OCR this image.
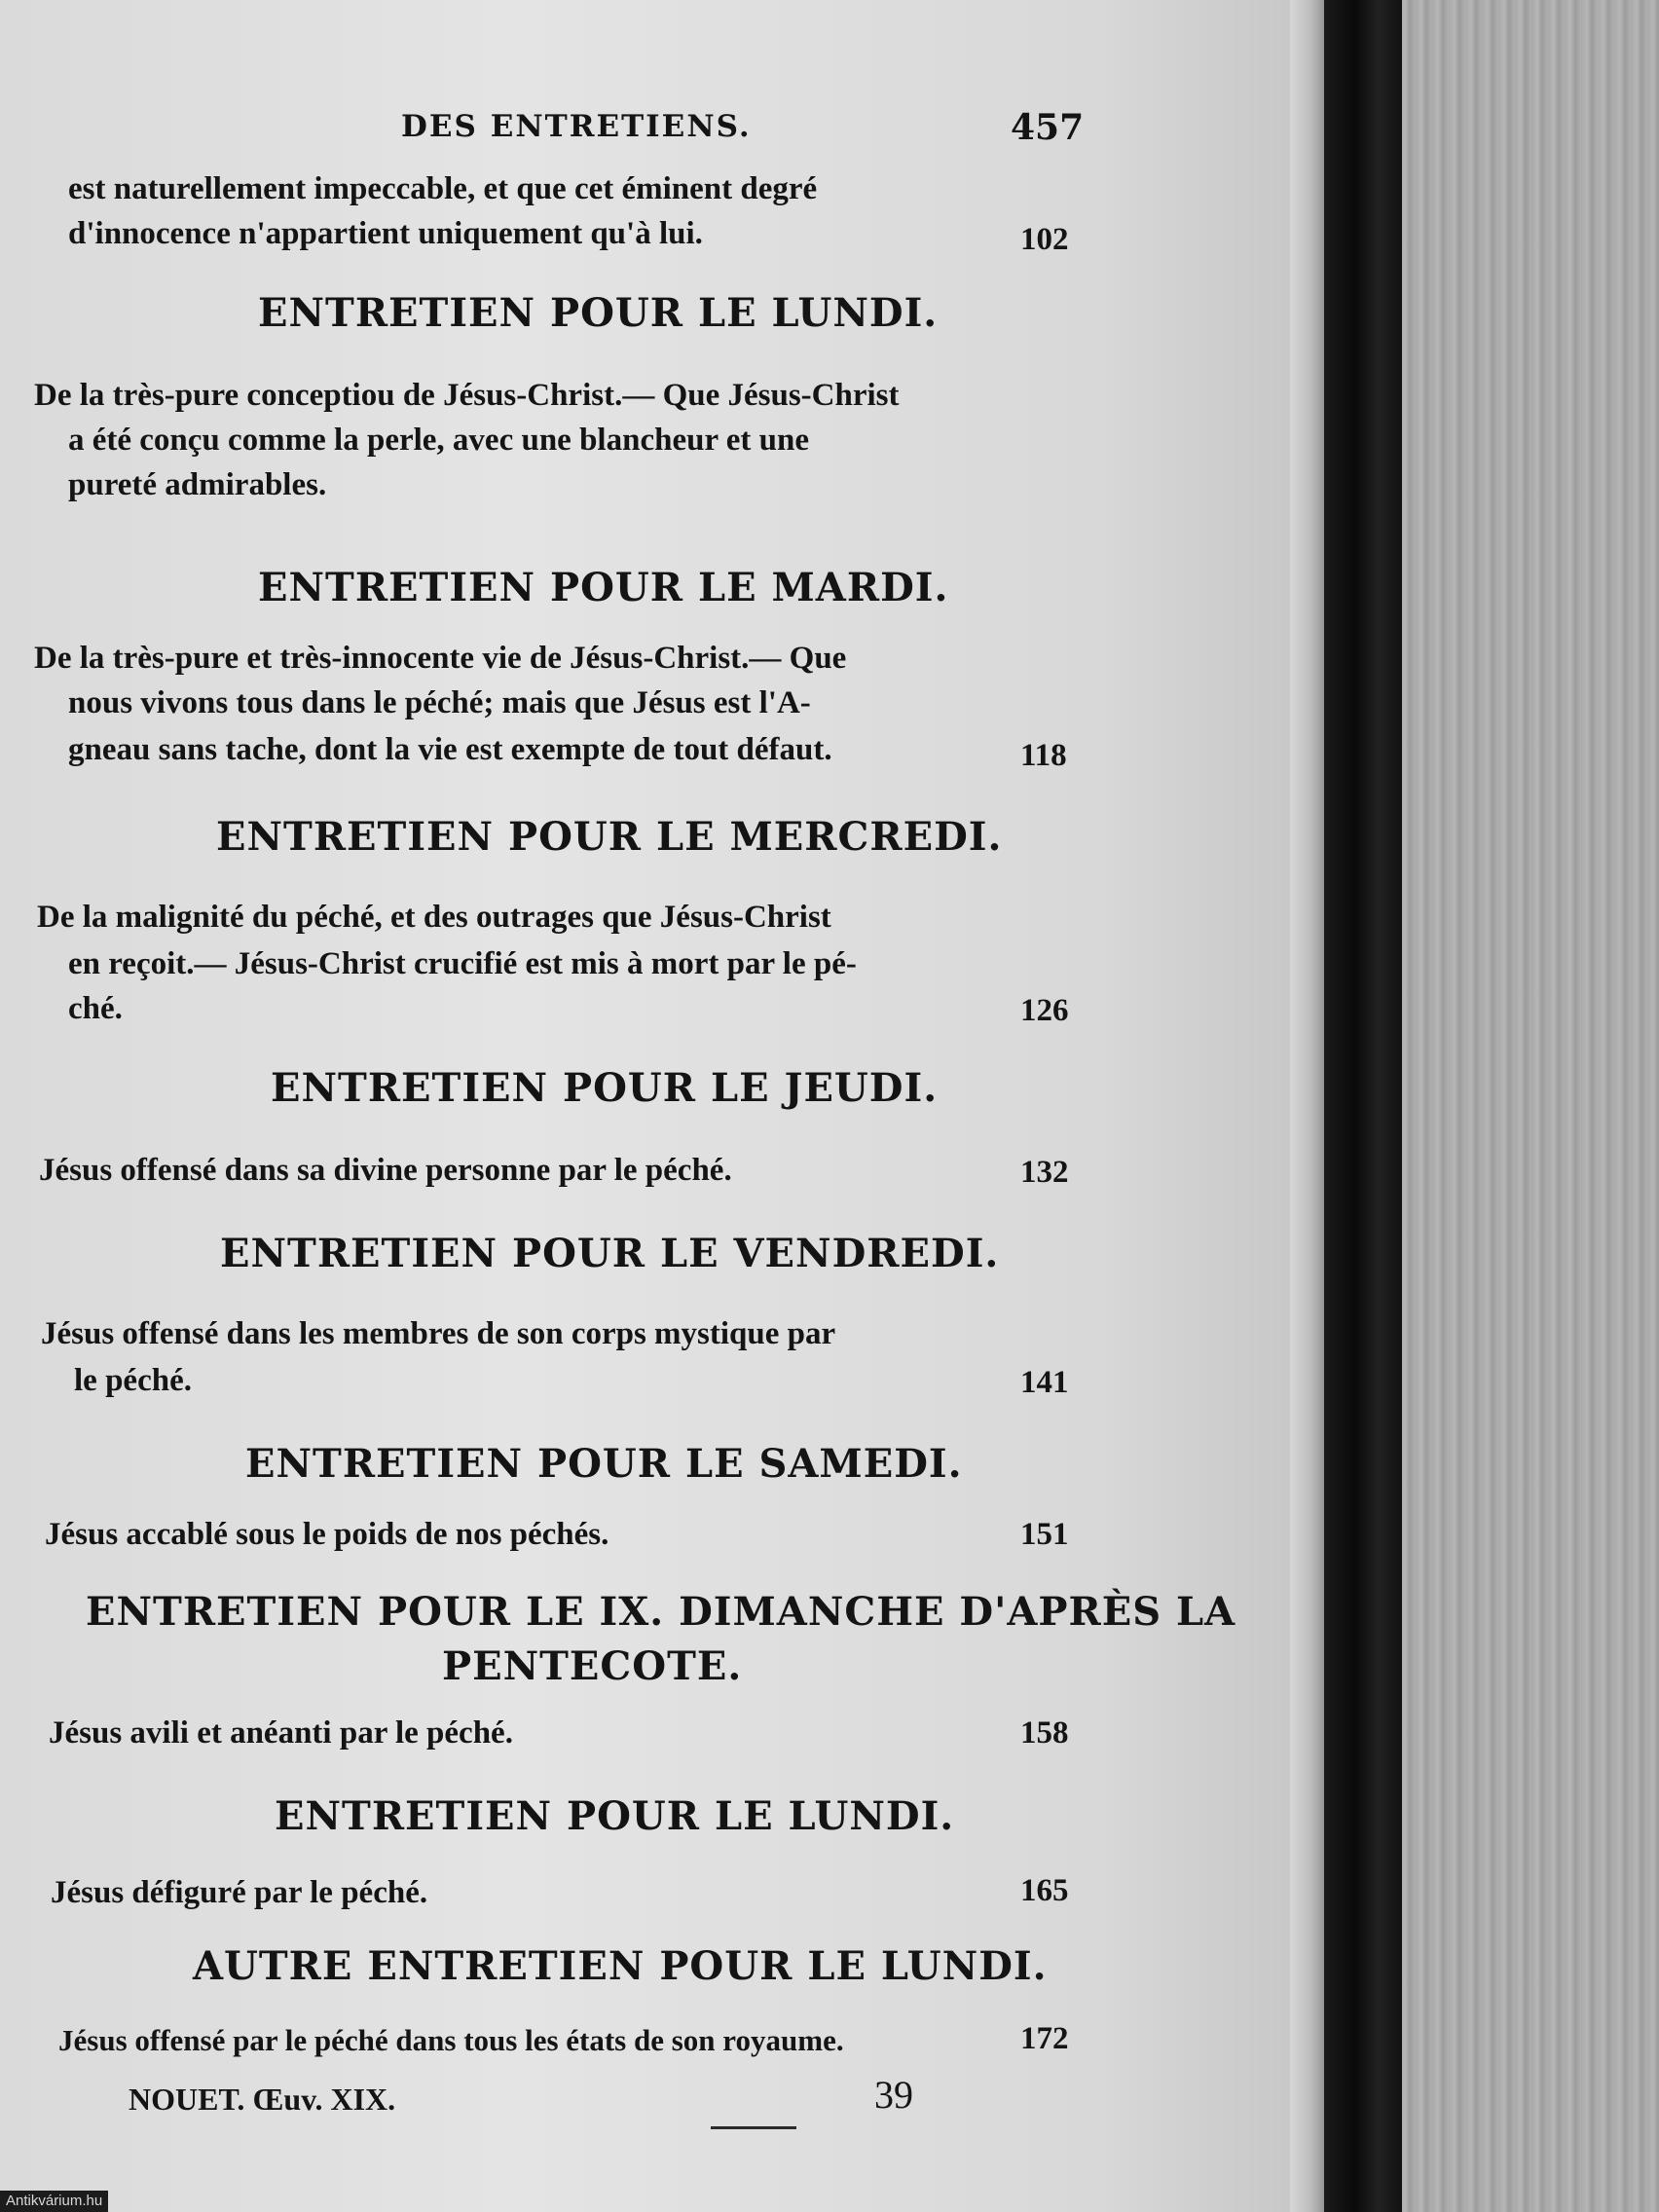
DES ENTRETIENS.	457
est naturellement impeccable, et que cet éminent degré
d'innocence n'appartient uniquement qu'à lui.	102
ENTRETIEN POUR LE LUNDI.
De la très-pure conceptiou de Jésus-Christ.— Que Jésus-Christ
a été conçu comme la perle, avec une blancheur et une
pureté admirables.
ENTRETIEN POUR LE MARDI.
De la très-pure et très-innocente vie de Jésus-Christ.— Que
nous vivons tous dans le péché; mais que Jésus est l'A-
gneau sans tache, dont la vie est exempte de tout défaut.	118
ENTRETIEN POUR LE MERCREDI.
De la malignité du péché, et des outrages que Jésus-Christ
en reçoit.— Jésus-Christ crucifié est mis à mort par le pé-
ché.	126
ENTRETIEN POUR LE JEUDI.
Jésus offensé dans sa divine personne par le péché.	132
ENTRETIEN POUR LE VENDREDI.
Jésus offensé dans les membres de son corps mystique par
le péché.	141
ENTRETIEN POUR LE SAMEDI.
Jésus accablé sous le poids de nos péchés.	151
ENTRETIEN POUR LE IX. DIMANCHE D'APRÈS LA
PENTECOTE.
Jésus avili et anéanti par le péché.	158
ENTRETIEN POUR LE LUNDI.
Jésus défiguré par le péché.	165
AUTRE ENTRETIEN POUR LE LUNDI.
Jésus offensé par le péché dans tous les états de son royaume.	172
NOUET. Œuv. XIX.	39
Antikvárium.hu
